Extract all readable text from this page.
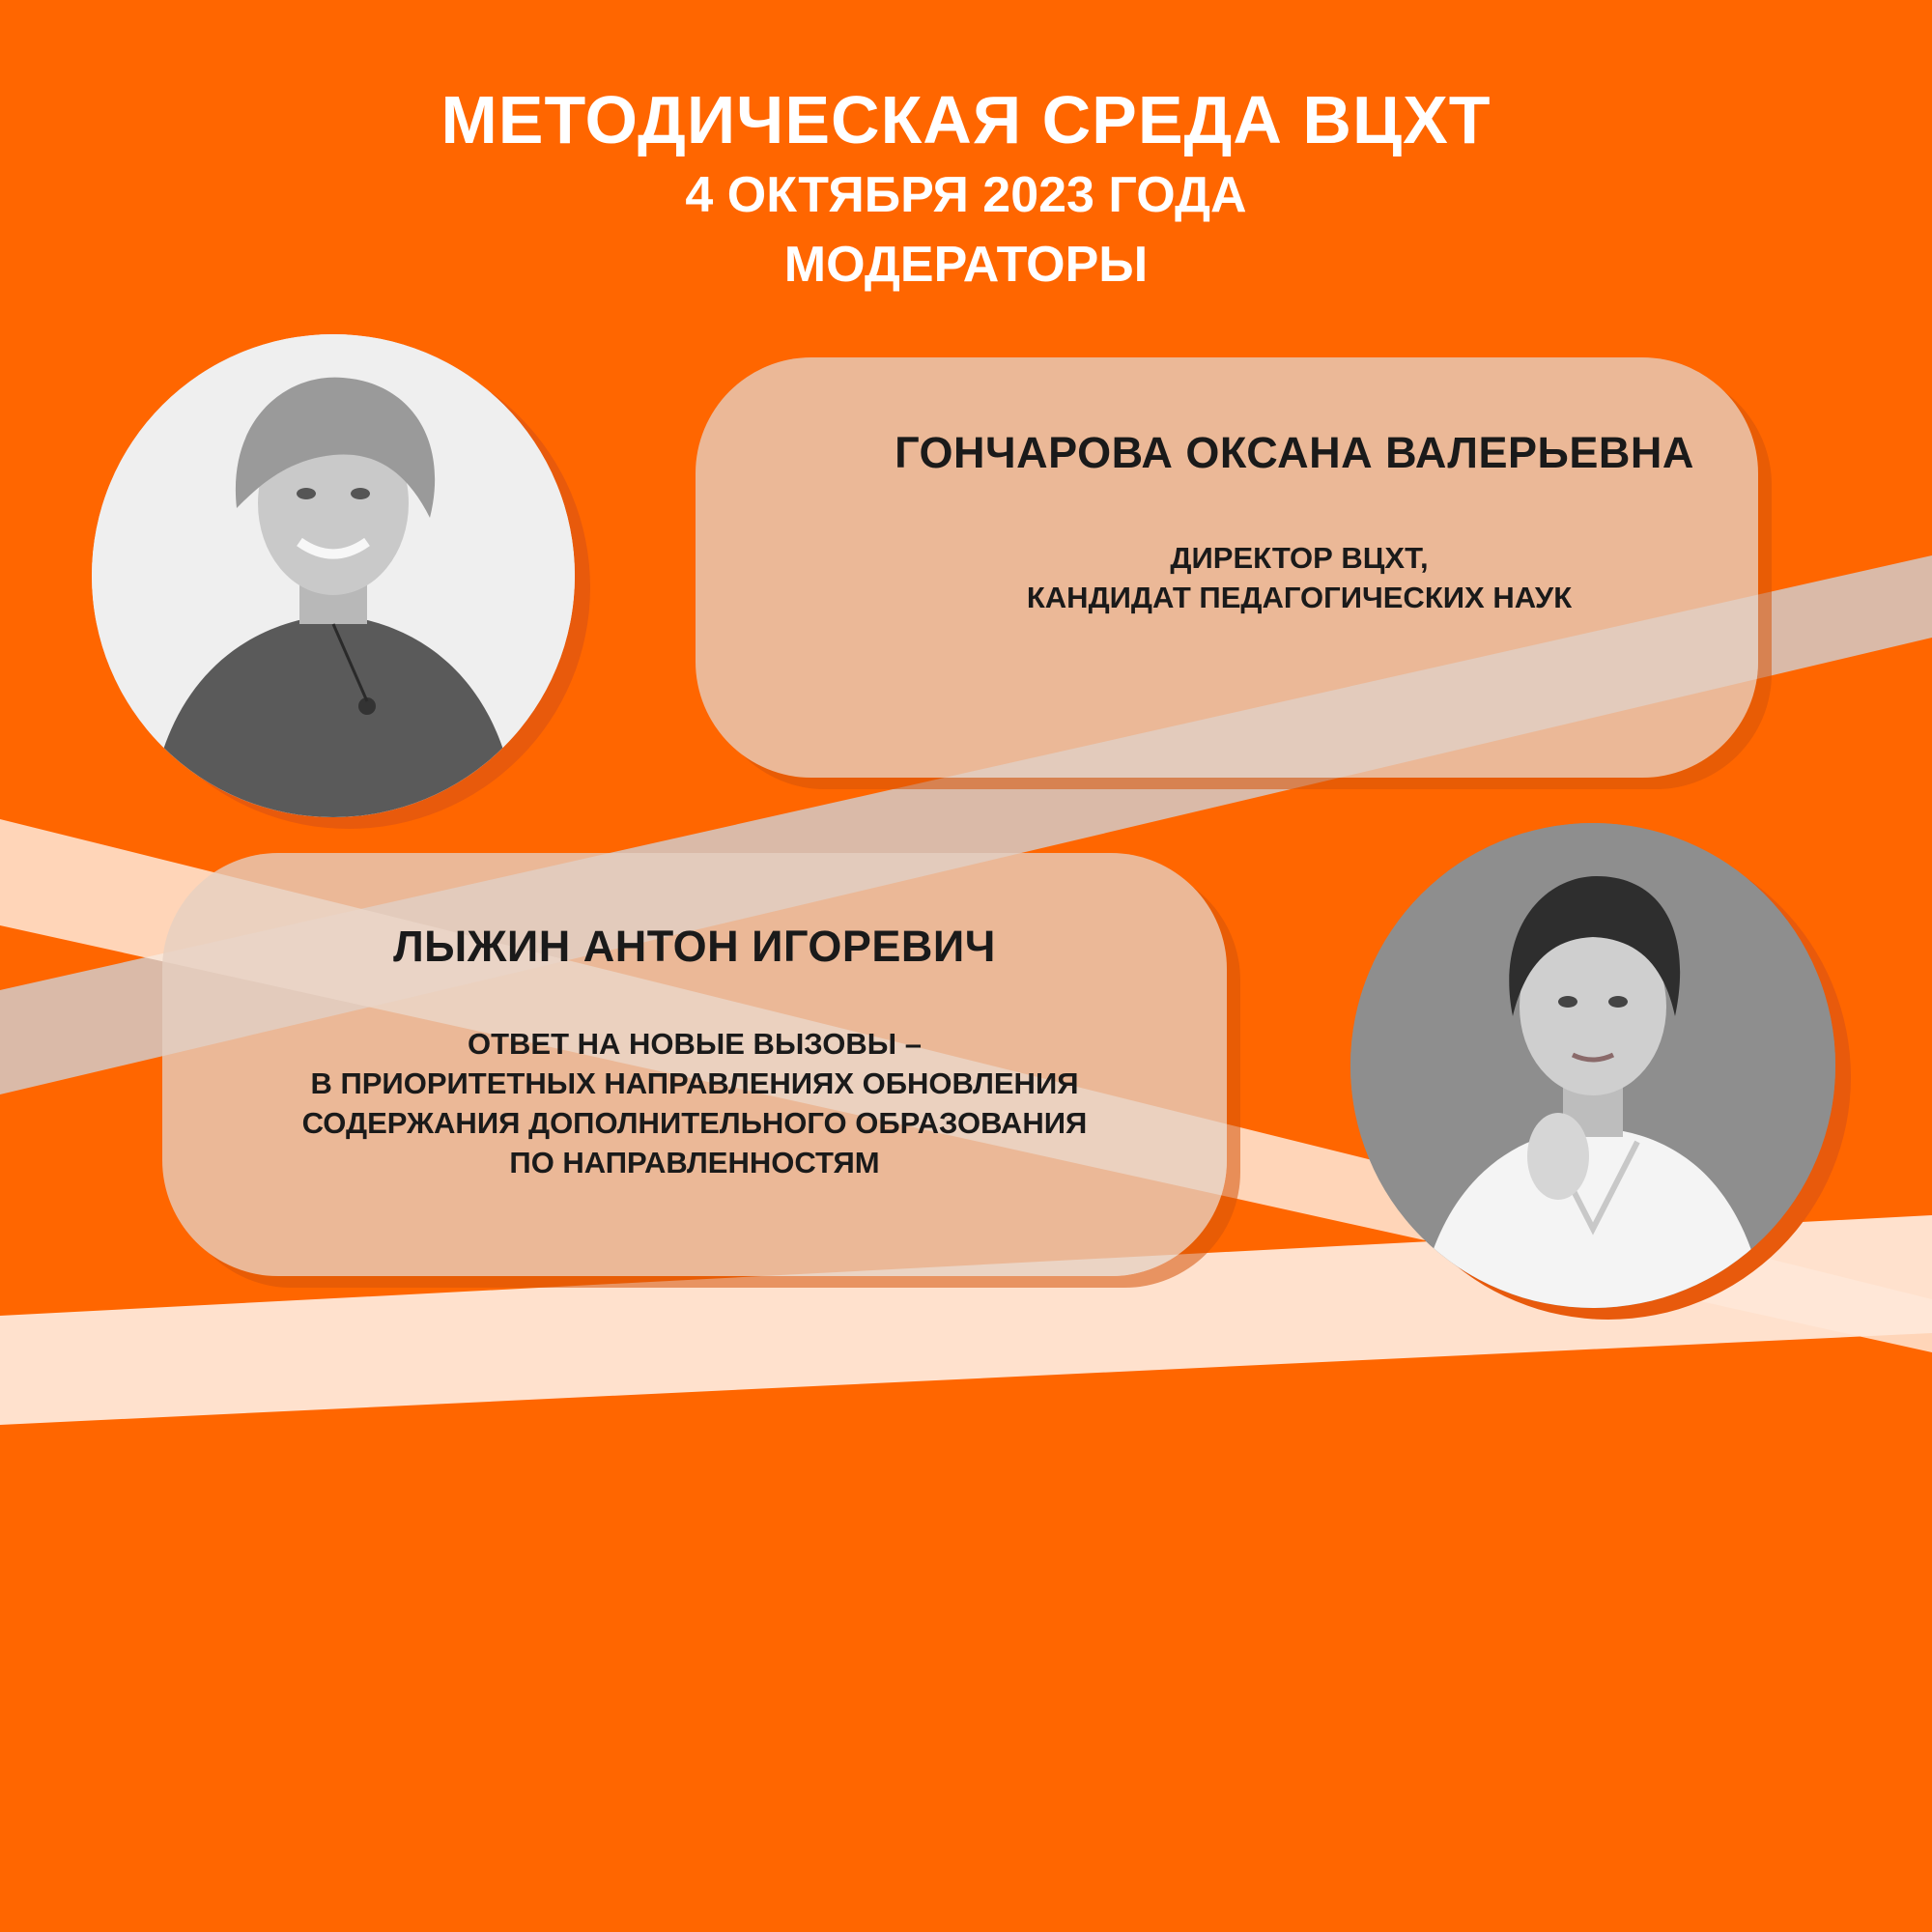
МЕТОДИЧЕСКАЯ СРЕДА ВЦХТ
4 ОКТЯБРЯ 2023 ГОДА
МОДЕРАТОРЫ
ГОНЧАРОВА ОКСАНА ВАЛЕРЬЕВНА
ДИРЕКТОР ВЦХТ,
КАНДИДАТ ПЕДАГОГИЧЕСКИХ НАУК
ЛЫЖИН АНТОН ИГОРЕВИЧ
ОТВЕТ НА НОВЫЕ ВЫЗОВЫ –
В ПРИОРИТЕТНЫХ НАПРАВЛЕНИЯХ ОБНОВЛЕНИЯ
СОДЕРЖАНИЯ ДОПОЛНИТЕЛЬНОГО ОБРАЗОВАНИЯ
ПО НАПРАВЛЕННОСТЯМ
